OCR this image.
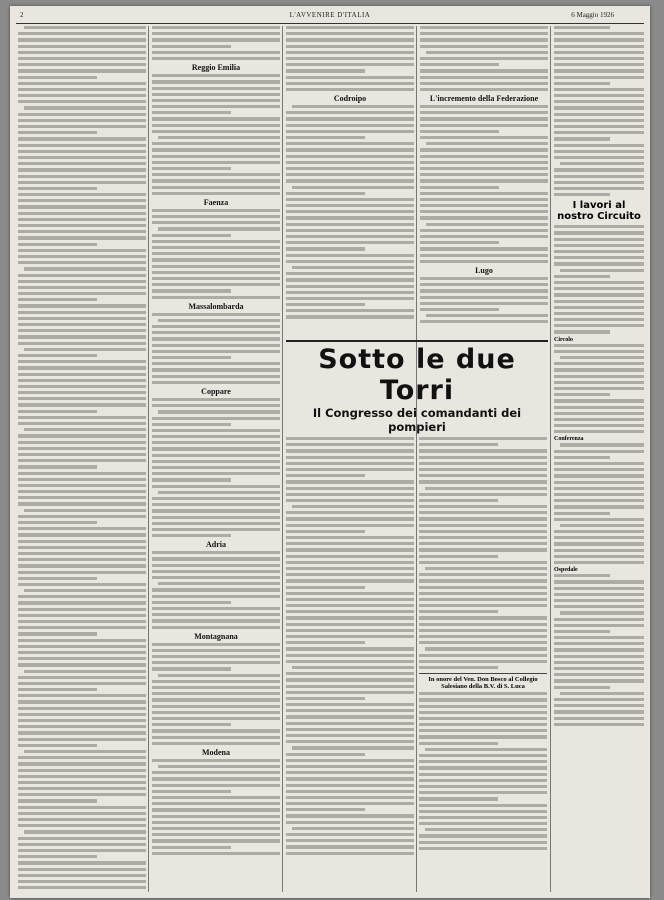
2	L'AVVENIRE D'ITALIA	6 Maggio 1926
Reggio Emilia
Faenza
Massalombarda
Coppare
Adria
Montagnana
Modena
Codroipo	L'incremento della Federazione
Lugo
Sotto le due Torri
Il Congresso dei comandanti dei pompieri
In onore del Ven. Don Bosco al Collegio Salesiano della B.V. di S. Luca
I lavori al nostro Circuito
Circolo
Conferenza
Ospedale
